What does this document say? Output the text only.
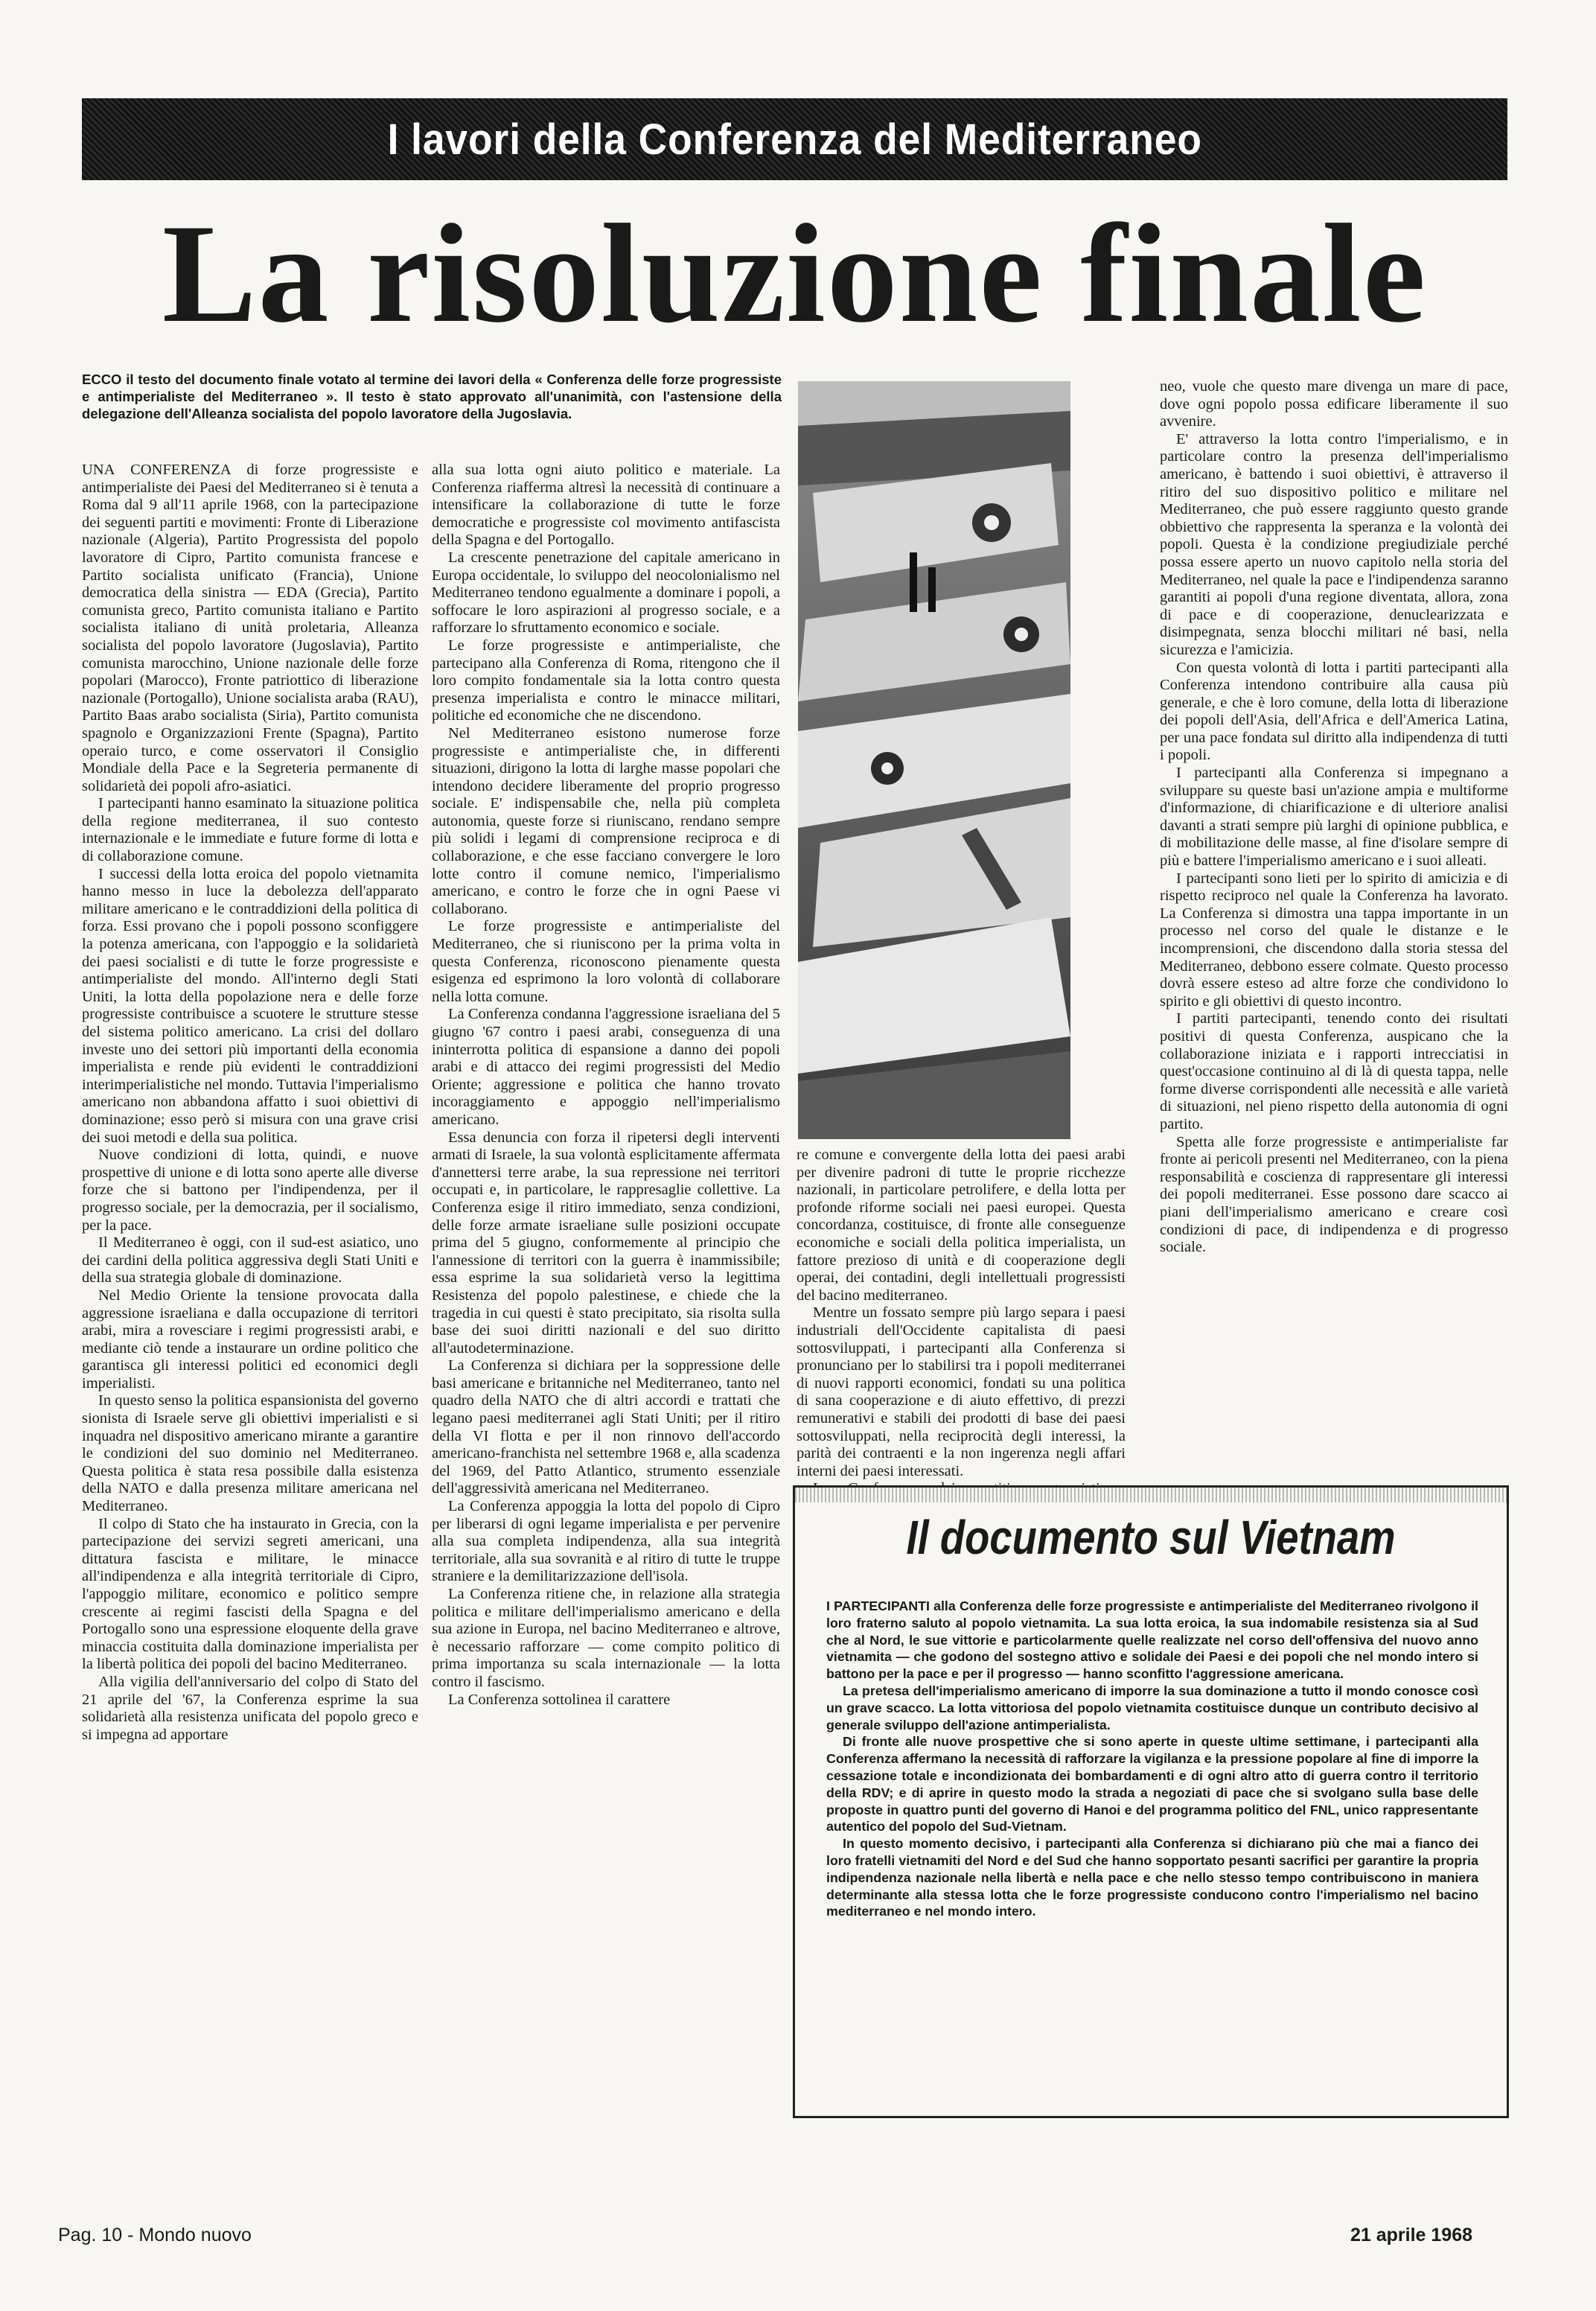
I lavori della Conferenza del Mediterraneo
La risoluzione finale
ECCO il testo del documento finale votato al termine dei lavori della « Conferenza delle forze progressiste e antimperialiste del Mediterraneo ». Il testo è stato approvato all'unanimità, con l'astensione della delegazione dell'Alleanza socialista del popolo lavoratore della Jugoslavia.

UNA CONFERENZA di forze progressiste e antimperialiste dei Paesi del Mediterraneo si è tenuta a Roma dal 9 all'11 aprile 1968, con la partecipazione dei seguenti partiti e movimenti: Fronte di Liberazione nazionale (Algeria), Partito Progressista del popolo lavoratore di Cipro, Partito comunista francese e Partito socialista unificato (Francia), Unione democratica della sinistra — EDA (Grecia), Partito comunista greco, Partito comunista italiano e Partito socialista italiano di unità proletaria, Alleanza socialista del popolo lavoratore (Jugoslavia), Partito comunista marocchino, Unione nazionale delle forze popolari (Marocco), Fronte patriottico di liberazione nazionale (Portogallo), Unione socialista araba (RAU), Partito Baas arabo socialista (Siria), Partito comunista spagnolo e Organizzazioni Frente (Spagna), Partito operaio turco, e come osservatori il Consiglio Mondiale della Pace e la Segreteria permanente di solidarietà dei popoli afro-asiatici.

I partecipanti hanno esaminato la situazione politica della regione mediterranea, il suo contesto internazionale e le immediate e future forme di lotta e di collaborazione comune.

I successi della lotta eroica del popolo vietnamita hanno messo in luce la debolezza dell'apparato militare americano e le contraddizioni della politica di forza. Essi provano che i popoli possono sconfiggere la potenza americana, con l'appoggio e la solidarietà dei paesi socialisti e di tutte le forze progressiste e antimperialiste del mondo. All'interno degli Stati Uniti, la lotta della popolazione nera e delle forze progressiste contribuisce a scuotere le strutture stesse del sistema politico americano. La crisi del dollaro investe uno dei settori più importanti della economia imperialista e rende più evidenti le contraddizioni interimperialistiche nel mondo. Tuttavia l'imperialismo americano non abbandona affatto i suoi obiettivi di dominazione; esso però si misura con una grave crisi dei suoi metodi e della sua politica.

Nuove condizioni di lotta, quindi, e nuove prospettive di unione e di lotta sono aperte alle diverse forze che si battono per l'indipendenza, per il progresso sociale, per la democrazia, per il socialismo, per la pace.

Il Mediterraneo è oggi, con il sud-est asiatico, uno dei cardini della politica aggressiva degli Stati Uniti e della sua strategia globale di dominazione.

Nel Medio Oriente la tensione provocata dalla aggressione israeliana e dalla occupazione di territori arabi, mira a rovesciare i regimi progressisti arabi, e mediante ciò tende a instaurare un ordine politico che garantisca gli interessi politici ed economici degli imperialisti.

In questo senso la politica espansionista del governo sionista di Israele serve gli obiettivi imperialisti e si inquadra nel dispositivo americano mirante a garantire le condizioni del suo dominio nel Mediterraneo. Questa politica è stata resa possibile dalla esistenza della NATO e dalla presenza militare americana nel Mediterraneo.

Il colpo di Stato che ha instaurato in Grecia, con la partecipazione dei servizi segreti americani, una dittatura fascista e militare, le minacce all'indipendenza e alla integrità territoriale di Cipro, l'appoggio militare, economico e politico sempre crescente ai regimi fascisti della Spagna e del Portogallo sono una espressione eloquente della grave minaccia costituita dalla dominazione imperialista per la libertà politica dei popoli del bacino Mediterraneo.

Alla vigilia dell'anniversario del colpo di Stato del 21 aprile del '67, la Conferenza esprime la sua solidarietà alla resistenza unificata del popolo greco e si impegna ad apportare

alla sua lotta ogni aiuto politico e materiale. La Conferenza riafferma altresì la necessità di continuare a intensificare la collaborazione di tutte le forze democratiche e progressiste col movimento antifascista della Spagna e del Portogallo.

La crescente penetrazione del capitale americano in Europa occidentale, lo sviluppo del neocolonialismo nel Mediterraneo tendono egualmente a dominare i popoli, a soffocare le loro aspirazioni al progresso sociale, e a rafforzare lo sfruttamento economico e sociale.

Le forze progressiste e antimperialiste, che partecipano alla Conferenza di Roma, ritengono che il loro compito fondamentale sia la lotta contro questa presenza imperialista e contro le minacce militari, politiche ed economiche che ne discendono.

Nel Mediterraneo esistono numerose forze progressiste e antimperialiste che, in differenti situazioni, dirigono la lotta di larghe masse popolari che intendono decidere liberamente del proprio progresso sociale. E' indispensabile che, nella più completa autonomia, queste forze si riuniscano, rendano sempre più solidi i legami di comprensione reciproca e di collaborazione, e che esse facciano convergere le loro lotte contro il comune nemico, l'imperialismo americano, e contro le forze che in ogni Paese vi collaborano.

Le forze progressiste e antimperialiste del Mediterraneo, che si riuniscono per la prima volta in questa Conferenza, riconoscono pienamente questa esigenza ed esprimono la loro volontà di collaborare nella lotta comune.

La Conferenza condanna l'aggressione israeliana del 5 giugno '67 contro i paesi arabi, conseguenza di una ininterrotta politica di espansione a danno dei popoli arabi e di attacco dei regimi progressisti del Medio Oriente; aggressione e politica che hanno trovato incoraggiamento e appoggio nell'imperialismo americano.

Essa denuncia con forza il ripetersi degli interventi armati di Israele, la sua volontà esplicitamente affermata d'annettersi terre arabe, la sua repressione nei territori occupati e, in particolare, le rappresaglie collettive. La Conferenza esige il ritiro immediato, senza condizioni, delle forze armate israeliane sulle posizioni occupate prima del 5 giugno, conformemente al principio che l'annessione di territori con la guerra è inammissibile; essa esprime la sua solidarietà verso la legittima Resistenza del popolo palestinese, e chiede che la tragedia in cui questi è stato precipitato, sia risolta sulla base dei suoi diritti nazionali e del suo diritto all'autodeterminazione.

La Conferenza si dichiara per la soppressione delle basi americane e britanniche nel Mediterraneo, tanto nel quadro della NATO che di altri accordi e trattati che legano paesi mediterranei agli Stati Uniti; per il ritiro della VI flotta e per il non rinnovo dell'accordo americano-franchista nel settembre 1968 e, alla scadenza del 1969, del Patto Atlantico, strumento essenziale dell'aggressività americana nel Mediterraneo.

La Conferenza appoggia la lotta del popolo di Cipro per liberarsi di ogni legame imperialista e per pervenire alla sua completa indipendenza, alla sua integrità territoriale, alla sua sovranità e al ritiro di tutte le truppe straniere e la demilitarizzazione dell'isola.

La Conferenza ritiene che, in relazione alla strategia politica e militare dell'imperialismo americano e della sua azione in Europa, nel bacino Mediterraneo e altrove, è necessario rafforzare — come compito politico di prima importanza su scala internazionale — la lotta contro il fascismo.

La Conferenza sottolinea il carattere

re comune e convergente della lotta dei paesi arabi per divenire padroni di tutte le proprie ricchezze nazionali, in particolare petrolifere, e della lotta per profonde riforme sociali nei paesi europei. Questa concordanza, costituisce, di fronte alle conseguenze economiche e sociali della politica imperialista, un fattore prezioso di unità e di cooperazione degli operai, dei contadini, degli intellettuali progressisti del bacino mediterraneo.

Mentre un fossato sempre più largo separa i paesi industriali dell'Occidente capitalista di paesi sottosviluppati, i partecipanti alla Conferenza si pronunciano per lo stabilirsi tra i popoli mediterranei di nuovi rapporti economici, fondati su una politica di sana cooperazione e di aiuto effettivo, di prezzi remunerativi e stabili dei prodotti di base dei paesi sottosviluppati, nella reciprocità degli interessi, la parità dei contraenti e la non ingerenza negli affari interni dei paesi interessati.

neo, vuole che questo mare divenga un mare di pace, dove ogni popolo possa edificare liberamente il suo avvenire.

E' attraverso la lotta contro l'imperialismo, e in particolare contro la presenza dell'imperialismo americano, è battendo i suoi obiettivi, è attraverso il ritiro del suo dispositivo politico e militare nel Mediterraneo, che può essere raggiunto questo grande obbiettivo che rappresenta la speranza e la volontà dei popoli. Questa è la condizione pregiudiziale perché possa essere aperto un nuovo capitolo nella storia del Mediterraneo, nel quale la pace e l'indipendenza saranno garantiti ai popoli d'una regione diventata, allora, zona di pace e di cooperazione, denuclearizzata e disimpegnata, senza blocchi militari né basi, nella sicurezza e l'amicizia.

Con questa volontà di lotta i partiti partecipanti alla Conferenza intendono contribuire alla causa più generale, e che è loro comune, della lotta di liberazione dei popoli dell'Asia, dell'Africa e dell'America Latina, per una pace fondata sul diritto alla indipendenza di tutti i popoli.

I partecipanti alla Conferenza si impegnano a sviluppare su queste basi un'azione ampia e multiforme d'informazione, di chiarificazione e di ulteriore analisi davanti a strati sempre più larghi di opinione pubblica, e di mobilitazione delle masse, al fine d'isolare sempre di più e battere l'imperialismo americano e i suoi alleati.

I partecipanti sono lieti per lo spirito di amicizia e di rispetto reciproco nel quale la Conferenza ha lavorato. La Conferenza si dimostra una tappa importante in un processo nel corso del quale le distanze e le incomprensioni, che discendono dalla storia stessa del Mediterraneo, debbono essere colmate. Questo processo dovrà essere esteso ad altre forze che condividono lo spirito e gli obiettivi di questo incontro.

I partiti partecipanti, tenendo conto dei risultati positivi di questa Conferenza, auspicano che la collaborazione iniziata e i rapporti intrecciatisi in quest'occasione continuino al di là di questa tappa, nelle forme diverse corrispondenti alle necessità e alle varietà di situazioni, nel pieno rispetto della autonomia di ogni partito.

Spetta alle forze progressiste e antimperialiste far fronte ai pericoli presenti nel Mediterraneo, con la piena responsabilità e coscienza di rappresentare gli interessi dei popoli mediterranei. Esse possono dare scacco ai piani dell'imperialismo americano e creare così condizioni di pace, di indipendenza e di progresso sociale.

Il documento sul Vietnam

I PARTECIPANTI alla Conferenza delle forze progressiste e antimperialiste del Mediterraneo rivolgono il loro fraterno saluto al popolo vietnamita. La sua lotta eroica, la sua indomabile resistenza sia al Sud che al Nord, le sue vittorie e particolarmente quelle realizzate nel corso dell'offensiva del nuovo anno vietnamita — che godono del sostegno attivo e solidale dei Paesi e dei popoli che nel mondo intero si battono per la pace e per il progresso — hanno sconfitto l'aggressione americana.

La pretesa dell'imperialismo americano di imporre la sua dominazione a tutto il mondo conosce così un grave scacco. La lotta vittoriosa del popolo vietnamita costituisce dunque un contributo decisivo al generale sviluppo dell'azione antimperialista.

Di fronte alle nuove prospettive che si sono aperte in queste ultime settimane, i partecipanti alla Conferenza affermano la necessità di rafforzare la vigilanza e la pressione popolare al fine di imporre la cessazione totale e incondizionata dei bombardamenti e di ogni altro atto di guerra contro il territorio della RDV; e di aprire in questo modo la strada a negoziati di pace che si svolgano sulla base delle proposte in quattro punti del governo di Hanoi e del programma politico del FNL, unico rappresentante autentico del popolo del Sud-Vietnam.

In questo momento decisivo, i partecipanti alla Conferenza si dichiarano più che mai a fianco dei loro fratelli vietnamiti del Nord e del Sud che hanno sopportato pesanti sacrifici per garantire la propria indipendenza nazionale nella libertà e nella pace e che nello stesso tempo contribuiscono in maniera determinante alla stessa lotta che le forze progressiste conducono contro l'imperialismo nel bacino mediterraneo e nel mondo intero.

Pag. 10 - Mondo nuovo	21 aprile 1968
